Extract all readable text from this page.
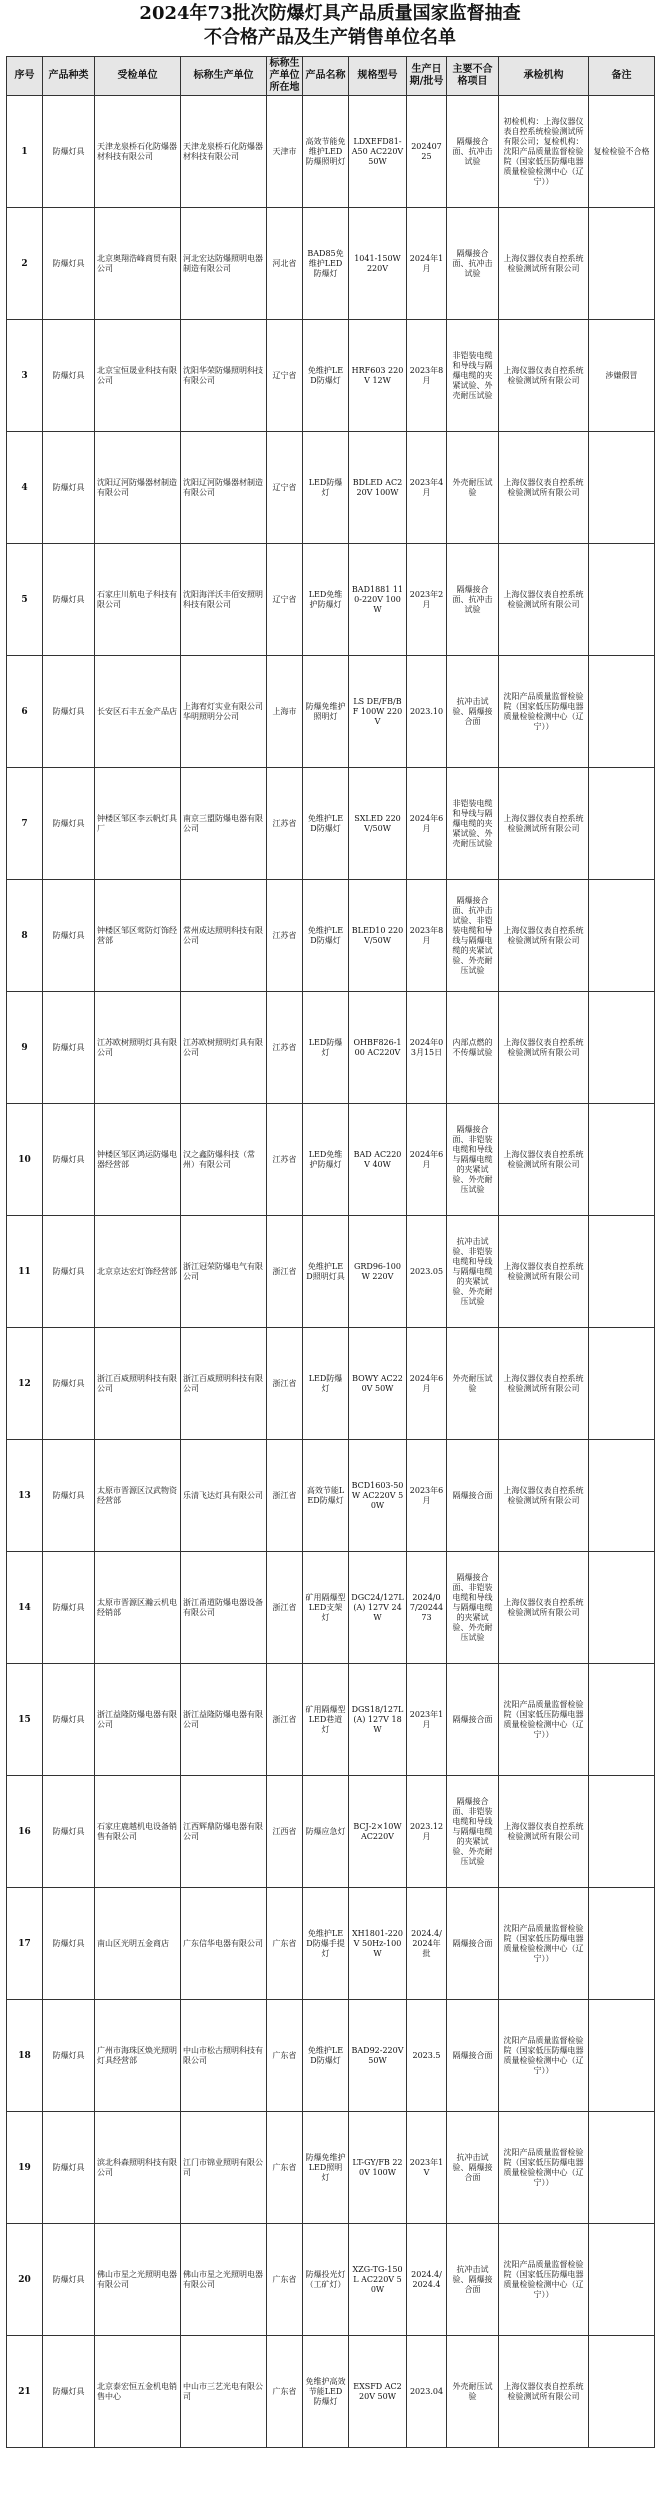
2024年73批次防爆灯具产品质量国家监督抽查
不合格产品及生产销售单位名单
序号	产品种类	受检单位	标称生产单位	标称生产单位所在地	产品名称	规格型号	生产日期/批号	主要不合格项目	承检机构	备注
1	防爆灯具	天津龙泉桥石化防爆器材科技有限公司	天津龙泉桥石化防爆器材科技有限公司	天津市	高效节能免维护LED防爆照明灯	LDXEFD81-A50 AC220V 50W	20240725	隔爆接合面、抗冲击试验	初检机构：上海仪器仪表自控系统检验测试所有限公司；复检机构：沈阳产品质量监督检验院（国家低压防爆电器质量检验检测中心（辽宁））	复检检验不合格
2	防爆灯具	北京奥翔浩峰商贸有限公司	河北宏达防爆照明电器制造有限公司	河北省	BAD85免维护LED防爆灯	1041-150W 220V	2024年1月	隔爆接合面、抗冲击试验	上海仪器仪表自控系统检验测试所有限公司	
3	防爆灯具	北京宝恒晟业科技有限公司	沈阳华荣防爆照明科技有限公司	辽宁省	免维护LED防爆灯	HRF603 220V 12W	2023年8月	非铠装电缆和导线与隔爆电缆的夹紧试验、外壳耐压试验	上海仪器仪表自控系统检验测试所有限公司	涉嫌假冒
4	防爆灯具	沈阳辽河防爆器材制造有限公司	沈阳辽河防爆器材制造有限公司	辽宁省	LED防爆灯	BDLED AC220V 100W	2023年4月	外壳耐压试验	上海仪器仪表自控系统检验测试所有限公司	
5	防爆灯具	石家庄川航电子科技有限公司	沈阳海洋沃丰佰安照明科技有限公司	辽宁省	LED免维护防爆灯	BAD1881 110-220V 100W	2023年2月	隔爆接合面、抗冲击试验	上海仪器仪表自控系统检验测试所有限公司	
6	防爆灯具	长安区石丰五金产品店	上海宥灯实业有限公司华明照明分公司	上海市	防爆免维护照明灯	LS DE/FB/BF 100W 220V	2023.10	抗冲击试验、隔爆接合面	沈阳产品质量监督检验院（国家低压防爆电器质量检验检测中心（辽宁））	
7	防爆灯具	钟楼区邹区李云帆灯具厂	南京三盟防爆电器有限公司	江苏省	免维护LED防爆灯	SXLED 220V/50W	2024年6月	非铠装电缆和导线与隔爆电缆的夹紧试验、外壳耐压试验	上海仪器仪表自控系统检验测试所有限公司	
8	防爆灯具	钟楼区邹区莺防灯饰经营部	常州成达照明科技有限公司	江苏省	免维护LED防爆灯	BLED10 220V/50W	2023年8月	隔爆接合面、抗冲击试验、非铠装电缆和导线与隔爆电缆的夹紧试验、外壳耐压试验	上海仪器仪表自控系统检验测试所有限公司	
9	防爆灯具	江苏欧树照明灯具有限公司	江苏欧树照明灯具有限公司	江苏省	LED防爆灯	OHBF826-100 AC220V	2024年03月15日	内部点燃的不传爆试验	上海仪器仪表自控系统检验测试所有限公司	
10	防爆灯具	钟楼区邹区鸿运防爆电器经营部	汉之鑫防爆科技（常州）有限公司	江苏省	LED免维护防爆灯	BAD AC220V 40W	2024年6月	隔爆接合面、非铠装电缆和导线与隔爆电缆的夹紧试验、外壳耐压试验	上海仪器仪表自控系统检验测试所有限公司	
11	防爆灯具	北京京达宏灯饰经营部	浙江冠荣防爆电气有限公司	浙江省	免维护LED照明灯具	GRD96-100W 220V	2023.05	抗冲击试验、非铠装电缆和导线与隔爆电缆的夹紧试验、外壳耐压试验	上海仪器仪表自控系统检验测试所有限公司	
12	防爆灯具	浙江百威照明科技有限公司	浙江百威照明科技有限公司	浙江省	LED防爆灯	BOWY AC220V 50W	2024年6月	外壳耐压试验	上海仪器仪表自控系统检验测试所有限公司	
13	防爆灯具	太原市晋源区汉武物资经营部	乐清飞达灯具有限公司	浙江省	高效节能LED防爆灯	BCD1603-50W AC220V 50W	2023年6月	隔爆接合面	上海仪器仪表自控系统检验测试所有限公司	
14	防爆灯具	太原市晋源区瀚云机电经销部	浙江甬道防爆电器设备有限公司	浙江省	矿用隔爆型LED支架灯	DGC24/127L(A) 127V 24W	2024/07/2024473	隔爆接合面、非铠装电缆和导线与隔爆电缆的夹紧试验、外壳耐压试验	上海仪器仪表自控系统检验测试所有限公司	
15	防爆灯具	浙江益隆防爆电器有限公司	浙江益隆防爆电器有限公司	浙江省	矿用隔爆型LED巷道灯	DGS18/127L(A) 127V 18W	2023年1月	隔爆接合面	沈阳产品质量监督检验院（国家低压防爆电器质量检验检测中心（辽宁））	
16	防爆灯具	石家庄鹿越机电设备销售有限公司	江西辉鼎防爆电器有限公司	江西省	防爆应急灯	BCJ-2×10W AC220V	2023.12月	隔爆接合面、非铠装电缆和导线与隔爆电缆的夹紧试验、外壳耐压试验	上海仪器仪表自控系统检验测试所有限公司	
17	防爆灯具	南山区光明五金商店	广东信华电器有限公司	广东省	免维护LED防爆手提灯	XH1801-220V 50Hz-100W	2024.4/2024年批	隔爆接合面	沈阳产品质量监督检验院（国家低压防爆电器质量检验检测中心（辽宁））	
18	防爆灯具	广州市海珠区焕光照明灯具经营部	中山市松古照明科技有限公司	广东省	免维护LED防爆灯	BAD92-220V 50W	2023.5	隔爆接合面	沈阳产品质量监督检验院（国家低压防爆电器质量检验检测中心（辽宁））	
19	防爆灯具	滨北科森照明科技有限公司	江门市锦业照明有限公司	广东省	防爆免维护LED照明灯	LT-GY/FB 220V 100W	2023年1V	抗冲击试验、隔爆接合面	沈阳产品质量监督检验院（国家低压防爆电器质量检验检测中心（辽宁））	
20	防爆灯具	佛山市星之光照明电器有限公司	佛山市星之光照明电器有限公司	广东省	防爆投光灯（工矿灯）	XZG-TG-150L AC220V 50W	2024.4/2024.4	抗冲击试验、隔爆接合面	沈阳产品质量监督检验院（国家低压防爆电器质量检验检测中心（辽宁））	
21	防爆灯具	北京泰宏恒五金机电销售中心	中山市三艺光电有限公司	广东省	免维护高效节能LED防爆灯	EXSFD AC220V 50W	2023.04	外壳耐压试验	上海仪器仪表自控系统检验测试所有限公司	
